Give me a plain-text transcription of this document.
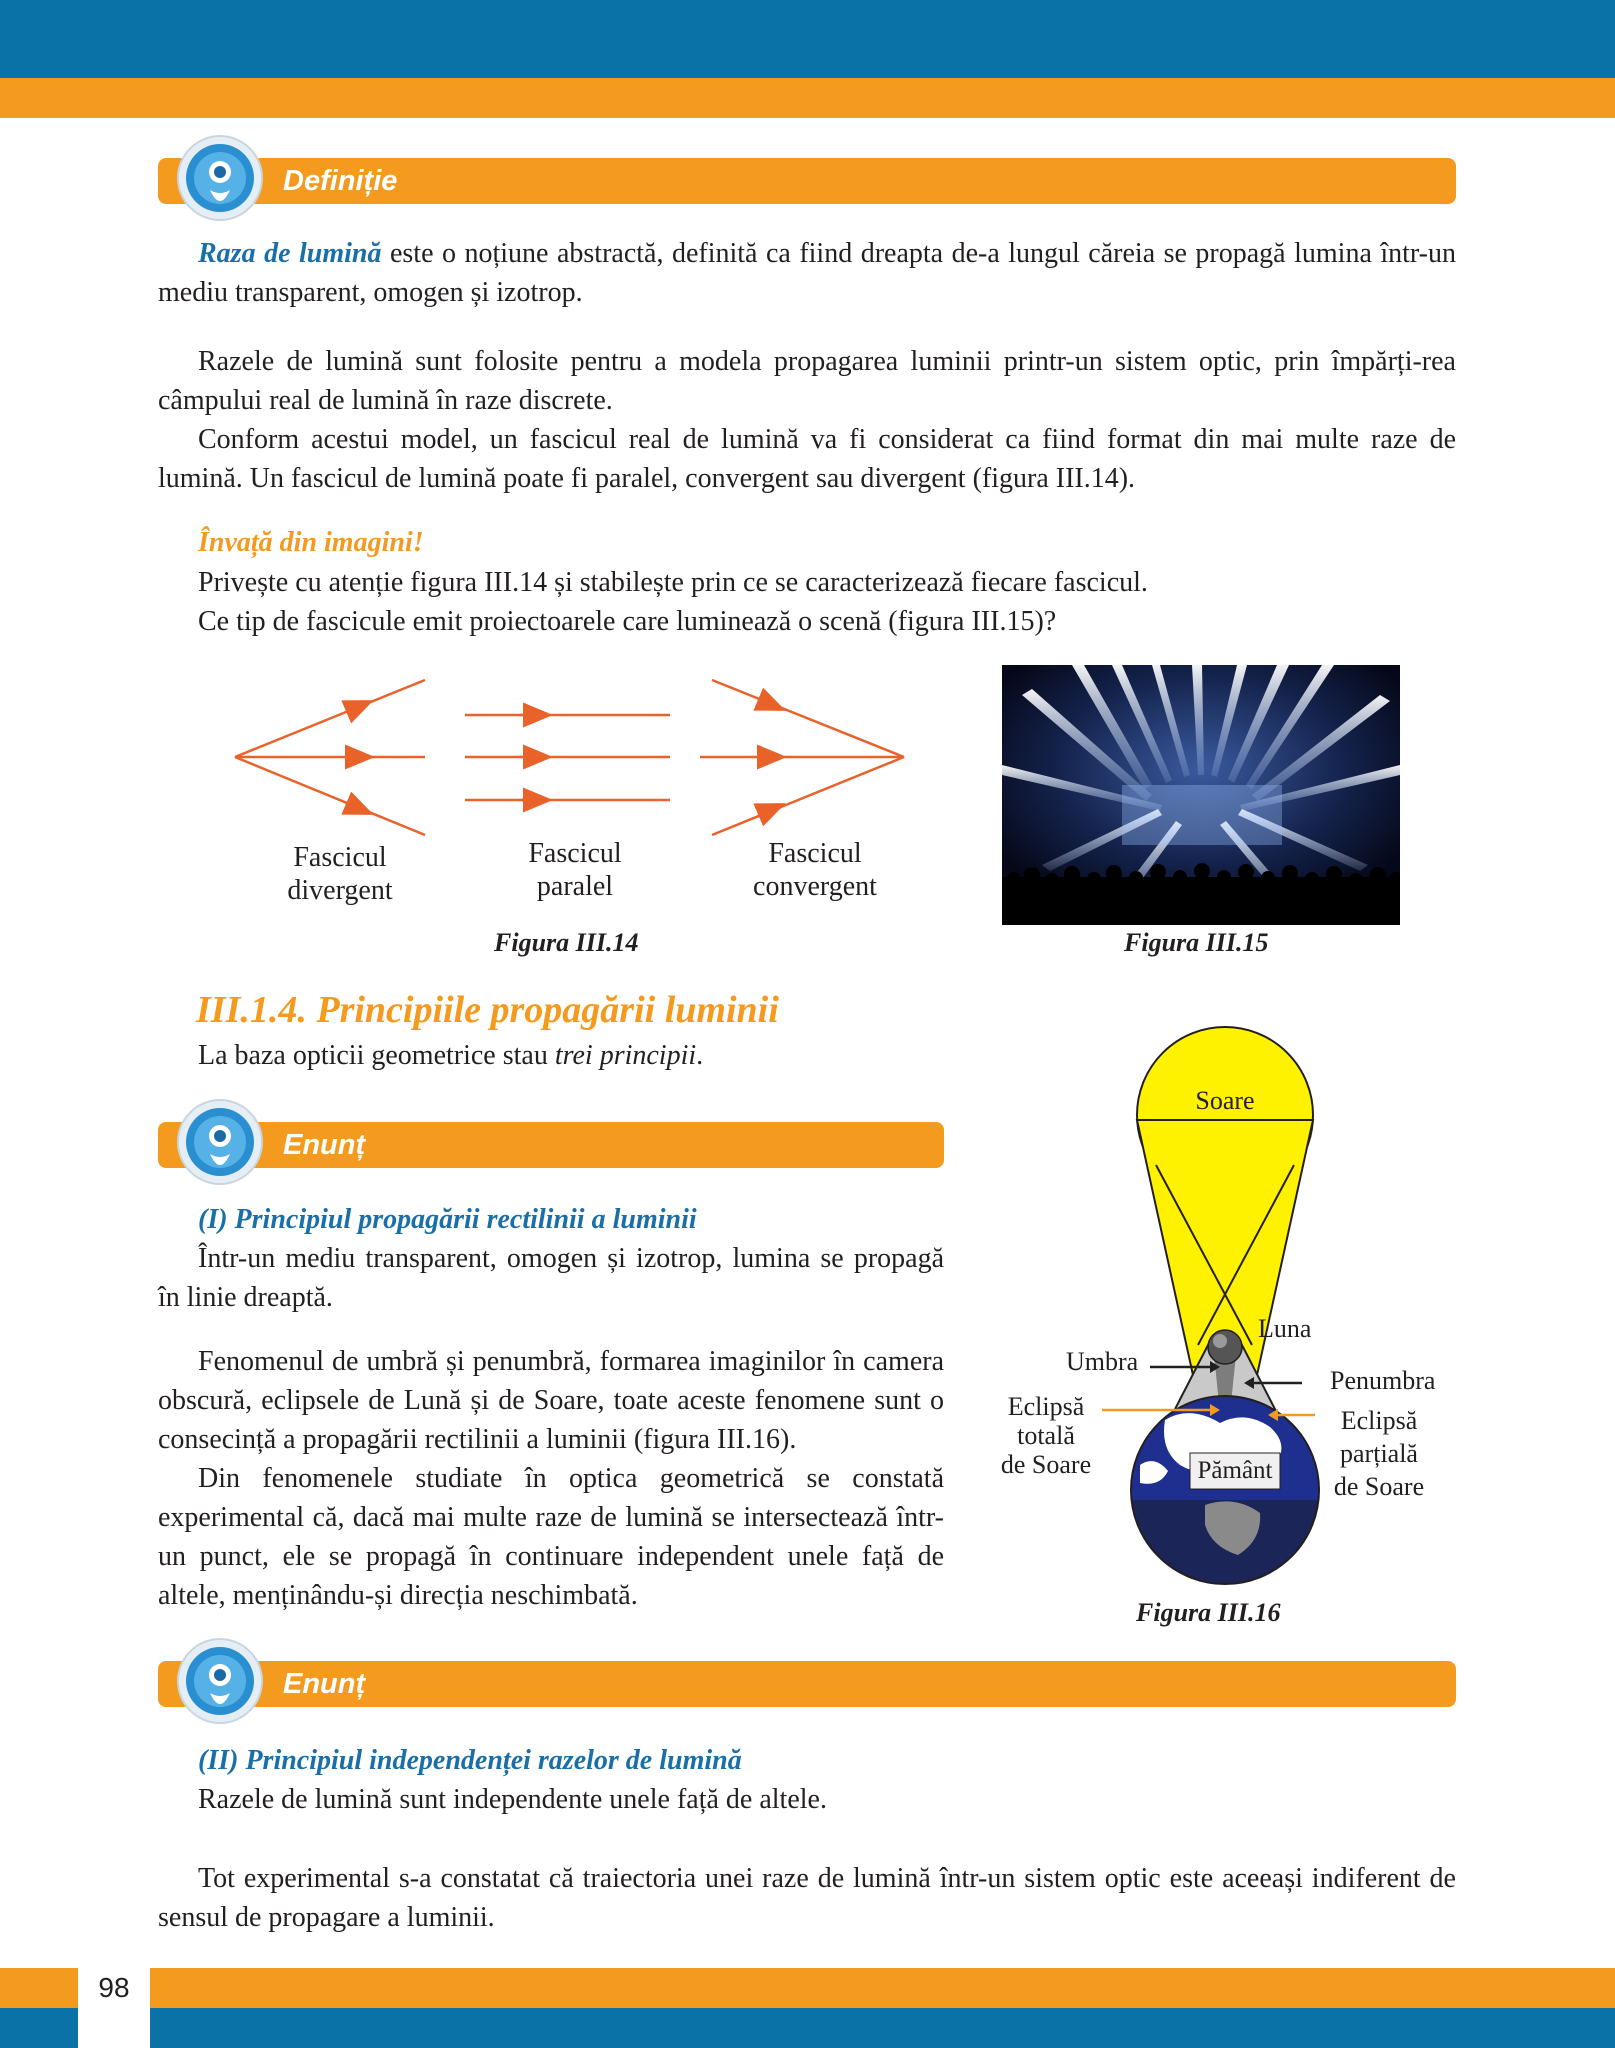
98
Definiție
Raza de lumină este o noțiune abstractă, definită ca fiind dreapta de-a lungul căreia se propagă lumina într-un mediu transparent, omogen și izotrop.
Razele de lumină sunt folosite pentru a modela propagarea luminii printr-un sistem optic, prin împărți-rea câmpului real de lumină în raze discrete.
Conform acestui model, un fascicul real de lumină va fi considerat ca fiind format din mai multe raze de lumină. Un fascicul de lumină poate fi paralel, convergent sau divergent (figura III.14).
Învață din imagini!
Privește cu atenție figura III.14 și stabilește prin ce se caracterizează fiecare fascicul.
Ce tip de fascicule emit proiectoarele care luminează o scenă (figura III.15)?
Fascicul
divergent
Fascicul
paralel
Fascicul
convergent
Figura III.14	Figura III.15
III.1.4. Principiile propagării luminii
La baza opticii geometrice stau trei principii.
Enunț
(I) Principiul propagării rectilinii a luminii
Într-un mediu transparent, omogen și izotrop, lumina se propagă în linie dreaptă.
Fenomenul de umbră și penumbră, formarea imaginilor în camera obscură, eclipsele de Lună și de Soare, toate aceste fenomene sunt o consecință a propagării rectilinii a luminii (figura III.16).
Din fenomenele studiate în optica geometrică se constată experimental că, dacă mai multe raze de lumină se intersectează într-un punct, ele se propagă în continuare independent unele față de altele, menținându-și direcția neschimbată.
Soare
Luna
Umbra
Penumbra
Eclipsă
totală
de Soare
Eclipsă
parțială
de Soare
Pământ
Figura III.16
Enunț
(II) Principiul independenței razelor de lumină
Razele de lumină sunt independente unele față de altele.
Tot experimental s-a constatat că traiectoria unei raze de lumină într-un sistem optic este aceeași indiferent de sensul de propagare a luminii.
